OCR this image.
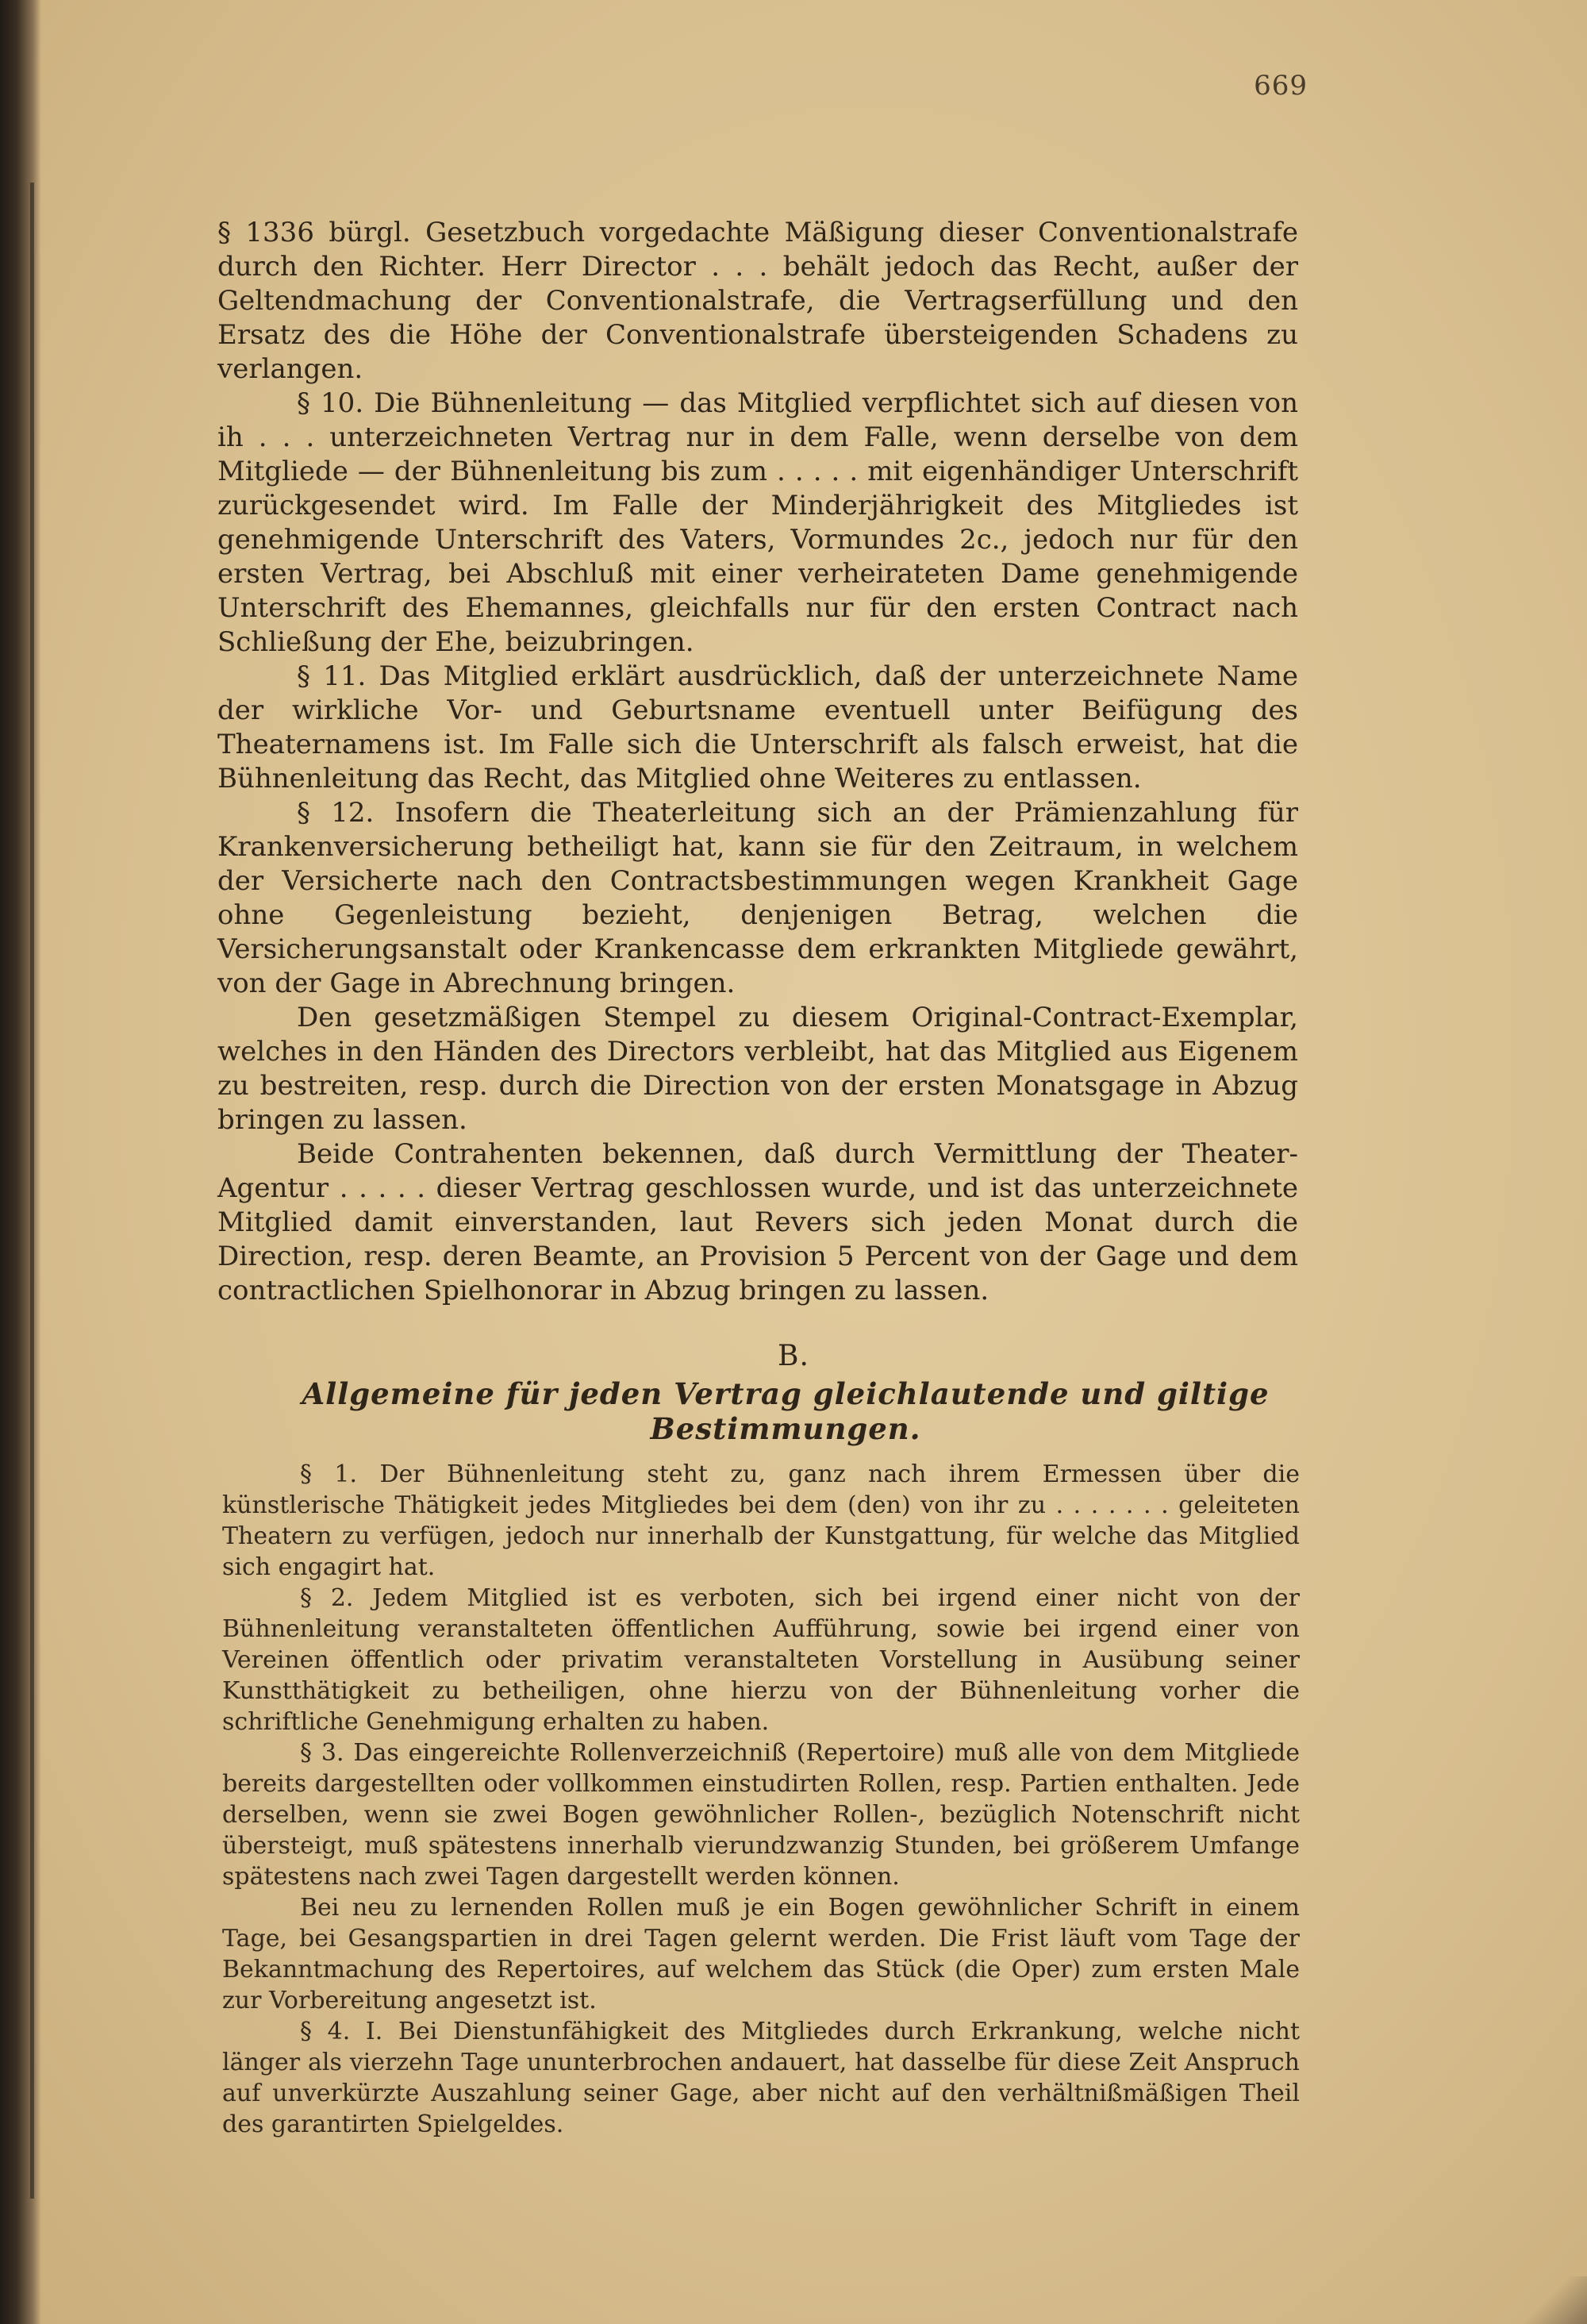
669

§ 1336 bürgl. Gesetzbuch vorgedachte Mäßigung dieser Conventionalstrafe durch den Richter. Herr Director . . . behält jedoch das Recht, außer der Geltendmachung der Conventionalstrafe, die Vertragserfüllung und den Ersatz des die Höhe der Conventionalstrafe übersteigenden Schadens zu verlangen.

§ 10. Die Bühnenleitung — das Mitglied verpflichtet sich auf diesen von ih . . . unterzeichneten Vertrag nur in dem Falle, wenn derselbe von dem Mitgliede — der Bühnenleitung bis zum . . . . . mit eigenhändiger Unterschrift zurückgesendet wird. Im Falle der Minderjährigkeit des Mitgliedes ist genehmigende Unterschrift des Vaters, Vormundes 2c., jedoch nur für den ersten Vertrag, bei Abschluß mit einer verheirateten Dame genehmigende Unterschrift des Ehemannes, gleichfalls nur für den ersten Contract nach Schließung der Ehe, beizubringen.

§ 11. Das Mitglied erklärt ausdrücklich, daß der unterzeichnete Name der wirkliche Vor- und Geburtsname eventuell unter Beifügung des Theaternamens ist. Im Falle sich die Unterschrift als falsch erweist, hat die Bühnenleitung das Recht, das Mitglied ohne Weiteres zu entlassen.

§ 12. Insofern die Theaterleitung sich an der Prämienzahlung für Krankenversicherung betheiligt hat, kann sie für den Zeitraum, in welchem der Versicherte nach den Contractsbestimmungen wegen Krankheit Gage ohne Gegenleistung bezieht, denjenigen Betrag, welchen die Versicherungsanstalt oder Krankencasse dem erkrankten Mitgliede gewährt, von der Gage in Abrechnung bringen.

Den gesetzmäßigen Stempel zu diesem Original-Contract-Exemplar, welches in den Händen des Directors verbleibt, hat das Mitglied aus Eigenem zu bestreiten, resp. durch die Direction von der ersten Monatsgage in Abzug bringen zu lassen.

Beide Contrahenten bekennen, daß durch Vermittlung der Theater-Agentur . . . . . dieser Vertrag geschlossen wurde, und ist das unterzeichnete Mitglied damit einverstanden, laut Revers sich jeden Monat durch die Direction, resp. deren Beamte, an Provision 5 Percent von der Gage und dem contractlichen Spielhonorar in Abzug bringen zu lassen.

B.
Allgemeine für jeden Vertrag gleichlautende und giltige Bestimmungen.

§ 1. Der Bühnenleitung steht zu, ganz nach ihrem Ermessen über die künstlerische Thätigkeit jedes Mitgliedes bei dem (den) von ihr zu . . . . . . . geleiteten Theatern zu verfügen, jedoch nur innerhalb der Kunstgattung, für welche das Mitglied sich engagirt hat.

§ 2. Jedem Mitglied ist es verboten, sich bei irgend einer nicht von der Bühnenleitung veranstalteten öffentlichen Aufführung, sowie bei irgend einer von Vereinen öffentlich oder privatim veranstalteten Vorstellung in Ausübung seiner Kunstthätigkeit zu betheiligen, ohne hierzu von der Bühnenleitung vorher die schriftliche Genehmigung erhalten zu haben.

§ 3. Das eingereichte Rollenverzeichniß (Repertoire) muß alle von dem Mitgliede bereits dargestellten oder vollkommen einstudirten Rollen, resp. Partien enthalten. Jede derselben, wenn sie zwei Bogen gewöhnlicher Rollen-, bezüglich Notenschrift nicht übersteigt, muß spätestens innerhalb vierundzwanzig Stunden, bei größerem Umfange spätestens nach zwei Tagen dargestellt werden können.

Bei neu zu lernenden Rollen muß je ein Bogen gewöhnlicher Schrift in einem Tage, bei Gesangspartien in drei Tagen gelernt werden. Die Frist läuft vom Tage der Bekanntmachung des Repertoires, auf welchem das Stück (die Oper) zum ersten Male zur Vorbereitung angesetzt ist.

§ 4. I. Bei Dienstunfähigkeit des Mitgliedes durch Erkrankung, welche nicht länger als vierzehn Tage ununterbrochen andauert, hat dasselbe für diese Zeit Anspruch auf unverkürzte Auszahlung seiner Gage, aber nicht auf den verhältnißmäßigen Theil des garantirten Spielgeldes.
